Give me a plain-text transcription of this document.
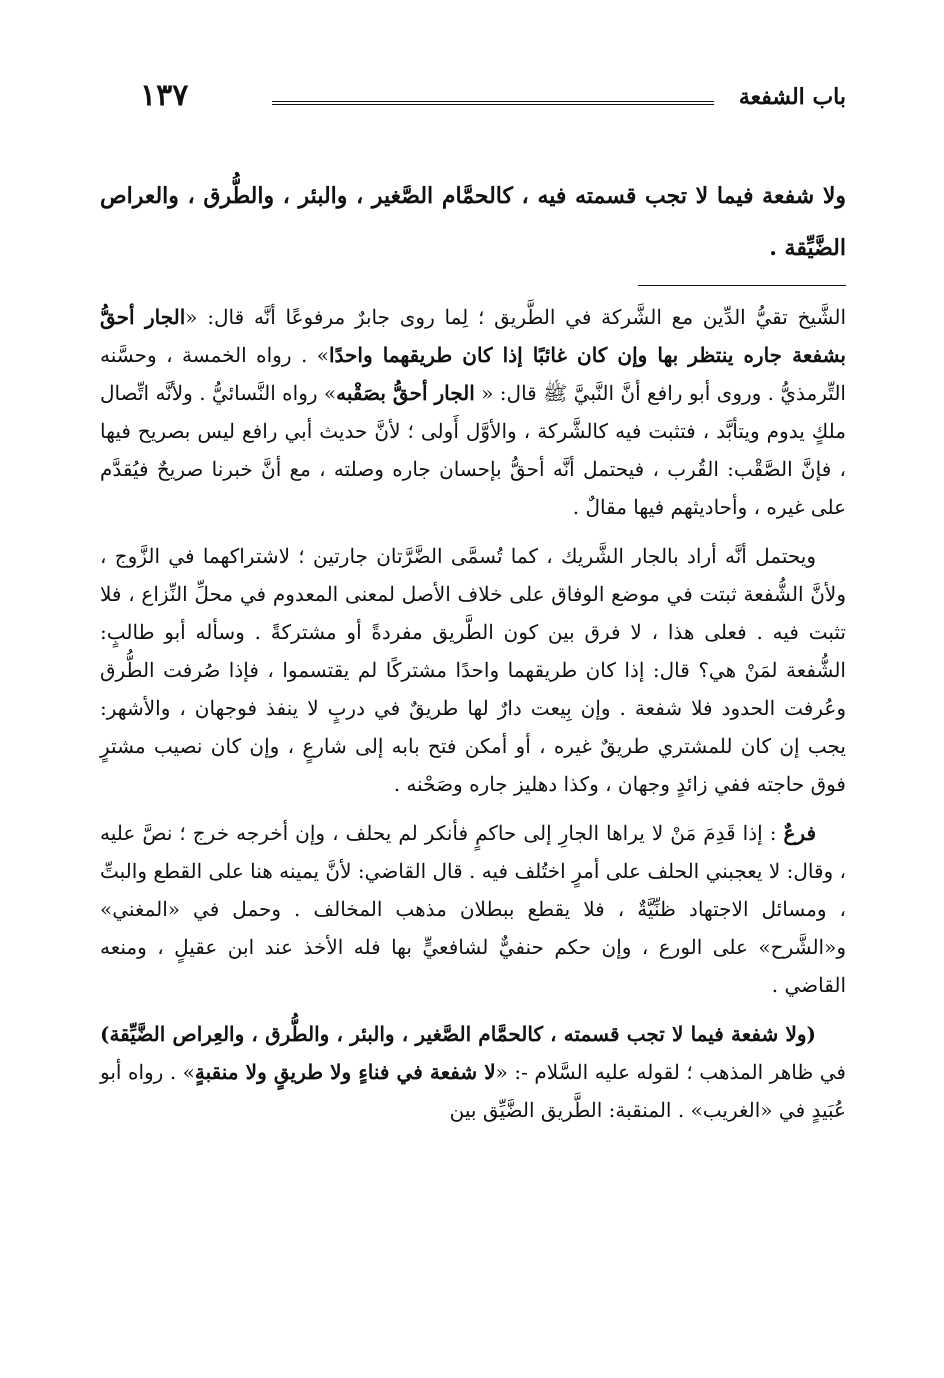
باب الشفعة
١٣٧
ولا شفعة فيما لا تجب قسمته فيه ، كالحمَّام الصَّغير ، والبئر ، والطُّرق ، والعراص الضَّيِّقة .

الشَّيخ تقيُّ الدِّين مع الشَّركة في الطَّريق ؛ لِما روى جابرٌ مرفوعًا أنَّه قال: «الجار أحقُّ بشفعة جاره ينتظر بها وإن كان غائبًا إذا كان طريقهما واحدًا» . رواه الخمسة ، وحسَّنه التِّرمذيُّ . وروى أبو رافع أنَّ النَّبيَّ ﷺ قال: « الجار أحقُّ بصَقْبه» رواه النَّسائيُّ . ولأنَّه اتِّصال ملكٍ يدوم ويتأبَّد ، فتثبت فيه كالشَّركة ، والأوَّل أَولى ؛ لأنَّ حديث أبي رافع ليس بصريح فيها ، فإنَّ الصَّقْب: القُرب ، فيحتمل أنَّه أحقُّ بإحسان جاره وصلته ، مع أنَّ خبرنا صريحٌ فيُقدَّم على غيره ، وأحاديثهم فيها مقالٌ .

ويحتمل أنَّه أراد بالجار الشَّريك ، كما تُسمَّى الضَّرَّتان جارتين ؛ لاشتراكهما في الزَّوج ، ولأنَّ الشُّفعة ثبتت في موضع الوفاق على خلاف الأصل لمعنى المعدوم في محلِّ النِّزاع ، فلا تثبت فيه . فعلى هذا ، لا فرق بين كون الطَّريق مفردةً أو مشتركةً . وسأله أبو طالبٍ: الشُّفعة لمَنْ هي؟ قال: إذا كان طريقهما واحدًا مشتركًا لم يقتسموا ، فإذا صُرفت الطُّرق وعُرفت الحدود فلا شفعة . وإن بِيعت دارٌ لها طريقٌ في دربٍ لا ينفذ فوجهان ، والأشهر: يجب إن كان للمشتري طريقٌ غيره ، أو أمكن فتح بابه إلى شارعٍ ، وإن كان نصيب مشترٍ فوق حاجته ففي زائدٍ وجهان ، وكذا دهليز جاره وصَحْنه .

فرعٌ : إذا قَدِمَ مَنْ لا يراها الجارِ إلى حاكمٍ فأنكر لم يحلف ، وإن أخرجه خرج ؛ نصَّ عليه ، وقال: لا يعجبني الحلف على أمرٍ اختُلف فيه . قال القاضي: لأنَّ يمينه هنا على القطع والبتِّ ، ومسائل الاجتهاد ظنِّيَّةٌ ، فلا يقطع ببطلان مذهب المخالف . وحمل في «المغني» و«الشَّرح» على الورع ، وإن حكم حنفيٌّ لشافعيٍّ بها فله الأخذ عند ابن عقيلٍ ، ومنعه القاضي .

(ولا شفعة فيما لا تجب قسمته ، كالحمَّام الصَّغير ، والبئر ، والطُّرق ، والعِراص الضَّيِّقة) في ظاهر المذهب ؛ لقوله عليه السَّلام -: «لا شفعة في فناءٍ ولا طريقٍ ولا منقبةٍ» . رواه أبو عُبَيدٍ في «الغريب» . المنقبة: الطَّريق الضَّيِّق بين
